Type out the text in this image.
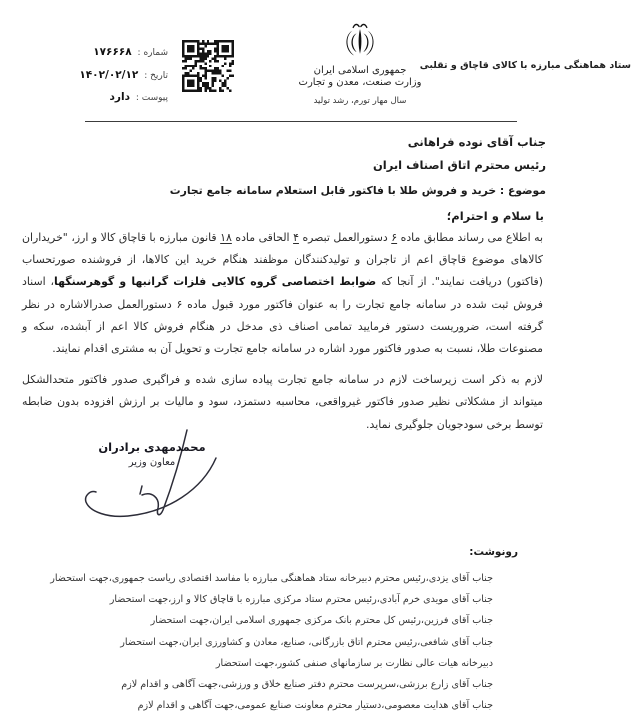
ستاد هماهنگی مبارزه با کالای قاچاق و تقلبی
جمهوری اسلامی ایران
وزارت صنعت، معدن و تجارت
سال مهار تورم، رشد تولید
شماره : ۱۷۶۶۶۸
تاریخ : ۱۴۰۲/۰۲/۱۲
پیوست : دارد
جناب آقای نوده فراهانی
رئیس محترم اتاق اصناف ایران
موضوع : خرید و فروش طلا با فاکتور قابل استعلام سامانه جامع تجارت
با سلام و احترام؛

به اطلاع می رساند مطابق ماده ۶ دستورالعمل تبصره ۴ الحاقی ماده ۱۸ قانون مبارزه با قاچاق کالا و ارز، "خریداران کالاهای موضوع قاچاق اعم از تاجران و تولیدکنندگان موظفند هنگام خرید این کالاها، از فروشنده صورتحساب (فاکتور) دریافت نمایند". از آنجا که ضوابط اختصاصی گروه کالایی فلزات گرانبها و گوهرسنگها، اسناد فروش ثبت شده در سامانه جامع تجارت را به عنوان فاکتور مورد قبول ماده ۶ دستورالعمل صدرالاشاره در نظر گرفته است، ضروریست دستور فرمایید تمامی اصناف ذی مدخل در هنگام فروش کالا اعم از آبشده، سکه و مصنوعات طلا، نسبت به صدور فاکتور مورد اشاره در سامانه جامع تجارت و تحویل آن به مشتری اقدام نمایند.

لازم به ذکر است زیرساخت لازم در سامانه جامع تجارت پیاده سازی شده و فراگیری صدور فاکتور متحدالشکل میتواند از مشکلاتی نظیر صدور فاکتور غیرواقعی، محاسبه دستمزد، سود و مالیات بر ارزش افزوده بدون ضابطه توسط برخی سودجویان جلوگیری نماید.

محمدمهدی برادران
معاون وزیر
رونوشت:
جناب آقای یزدی،رئیس محترم دبیرخانه ستاد هماهنگی مبارزه با مفاسد اقتصادی ریاست جمهوری،جهت استحضار
جناب آقای مویدی خرم آبادی،رئیس محترم ستاد مرکزی مبارزه با قاچاق کالا و ارز،جهت استحضار
جناب آقای فرزین،رئیس کل محترم بانک مرکزی جمهوری اسلامی ایران،جهت استحضار
جناب آقای شافعی،رئیس محترم اتاق بازرگانی، صنایع، معادن و کشاورزی ایران،جهت استحضار
دبیرخانه هیات عالی نظارت بر سازمانهای صنفی کشور،جهت استحضار
جناب آقای زارع برزشی،سرپرست محترم دفتر صنایع خلاق و ورزشی،جهت آگاهی و اقدام لازم
جناب آقای هدایت معصومی،دستیار محترم معاونت صنایع عمومی،جهت آگاهی و اقدام لازم
